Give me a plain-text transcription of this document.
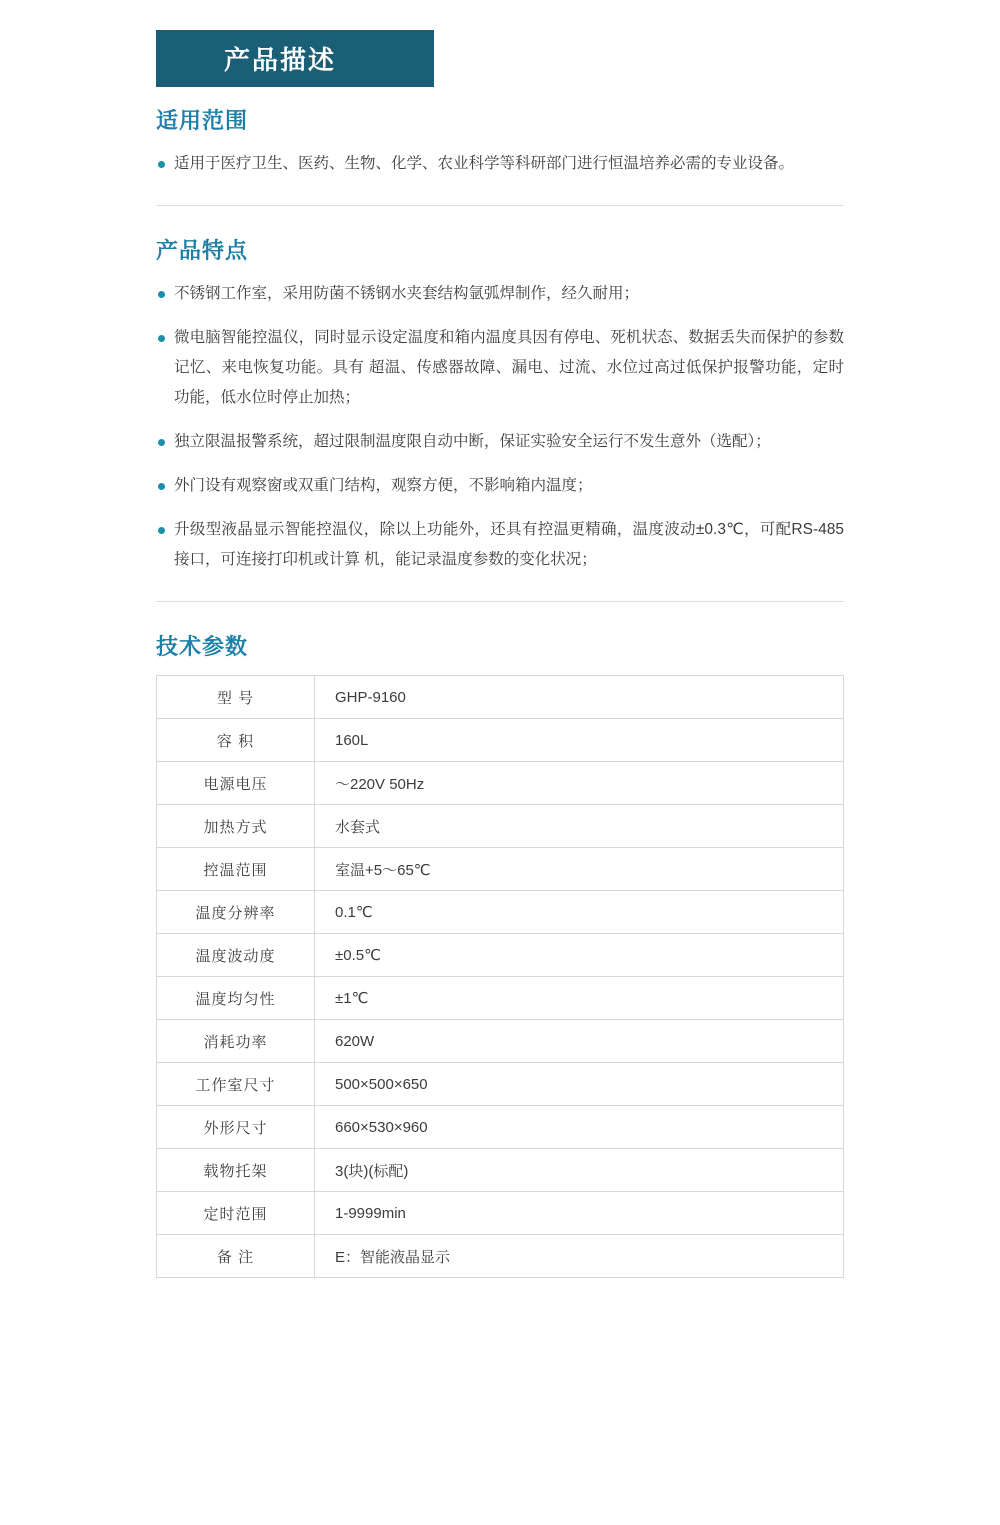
产品描述
适用范围
适用于医疗卫生、医药、生物、化学、农业科学等科研部门进行恒温培养必需的专业设备。
产品特点
不锈钢工作室，采用防菌不锈钢水夹套结构氩弧焊制作，经久耐用；
微电脑智能控温仪，同时显示设定温度和箱内温度具因有停电、死机状态、数据丢失而保护的参数记忆、来电恢复功能。具有 超温、传感器故障、漏电、过流、水位过高过低保护报警功能，定时功能，低水位时停止加热；
独立限温报警系统，超过限制温度限自动中断，保证实验安全运行不发生意外（选配）；
外门设有观察窗或双重门结构，观察方便，不影响箱内温度；
升级型液晶显示智能控温仪，除以上功能外，还具有控温更精确，温度波动±0.3℃，可配RS-485接口，可连接打印机或计算 机，能记录温度参数的变化状况；
技术参数
型 号	GHP-9160
容 积	160L
电源电压	～220V 50Hz
加热方式	水套式
控温范围	室温+5～65℃
温度分辨率	0.1℃
温度波动度	±0.5℃
温度均匀性	±1℃
消耗功率	620W
工作室尺寸	500×500×650
外形尺寸	660×530×960
载物托架	3(块)(标配)
定时范围	1-9999min
备 注	E：智能液晶显示
